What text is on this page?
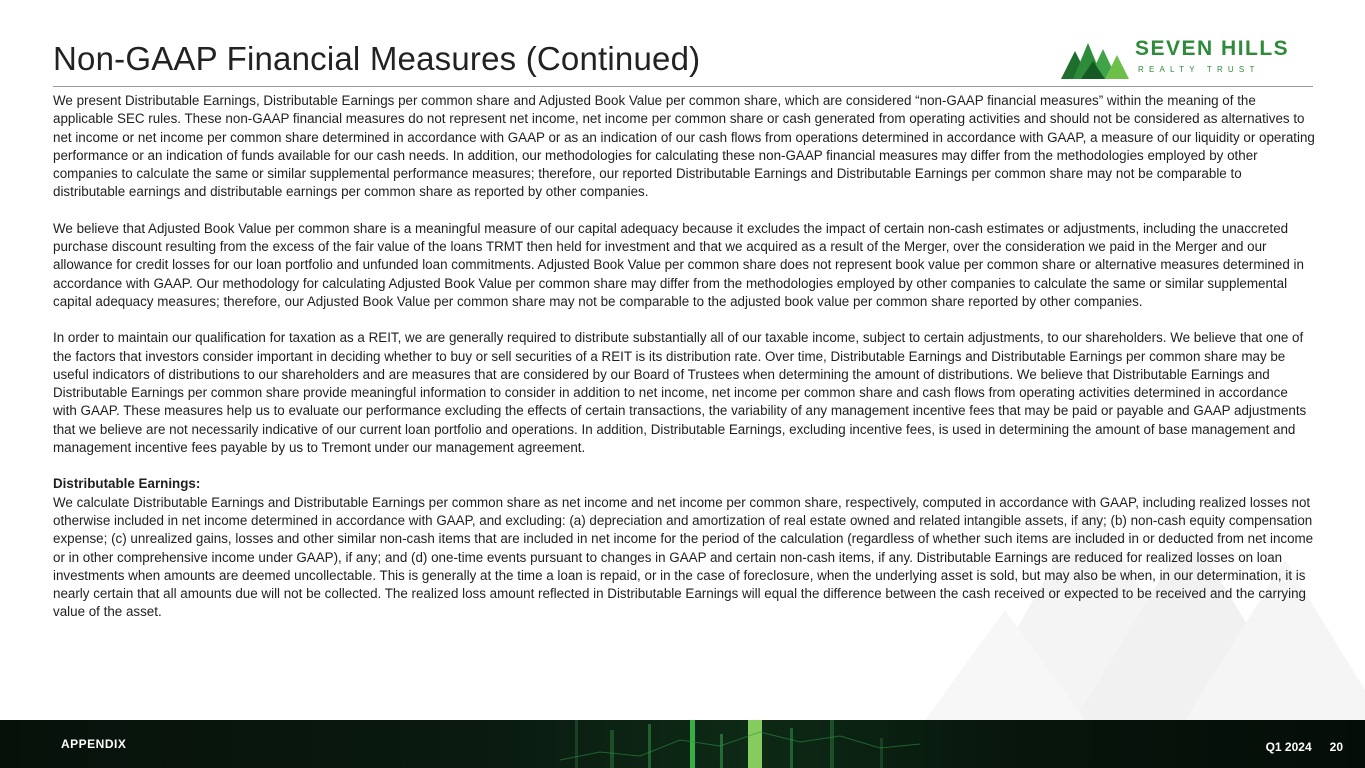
Non-GAAP Financial Measures (Continued)	SEVEN HILLS
REALTY TRUST

We present Distributable Earnings, Distributable Earnings per common share and Adjusted Book Value per common share, which are considered “non-GAAP financial measures” within the meaning of the applicable SEC rules. These non-GAAP financial measures do not represent net income, net income per common share or cash generated from operating activities and should not be considered as alternatives to net income or net income per common share determined in accordance with GAAP or as an indication of our cash flows from operations determined in accordance with GAAP, a measure of our liquidity or operating performance or an indication of funds available for our cash needs. In addition, our methodologies for calculating these non-GAAP financial measures may differ from the methodologies employed by other companies to calculate the same or similar supplemental performance measures; therefore, our reported Distributable Earnings and Distributable Earnings per common share may not be comparable to distributable earnings and distributable earnings per common share as reported by other companies.

We believe that Adjusted Book Value per common share is a meaningful measure of our capital adequacy because it excludes the impact of certain non-cash estimates or adjustments, including the unaccreted purchase discount resulting from the excess of the fair value of the loans TRMT then held for investment and that we acquired as a result of the Merger, over the consideration we paid in the Merger and our allowance for credit losses for our loan portfolio and unfunded loan commitments. Adjusted Book Value per common share does not represent book value per common share or alternative measures determined in accordance with GAAP. Our methodology for calculating Adjusted Book Value per common share may differ from the methodologies employed by other companies to calculate the same or similar supplemental capital adequacy measures; therefore, our Adjusted Book Value per common share may not be comparable to the adjusted book value per common share reported by other companies.

In order to maintain our qualification for taxation as a REIT, we are generally required to distribute substantially all of our taxable income, subject to certain adjustments, to our shareholders. We believe that one of the factors that investors consider important in deciding whether to buy or sell securities of a REIT is its distribution rate. Over time, Distributable Earnings and Distributable Earnings per common share may be useful indicators of distributions to our shareholders and are measures that are considered by our Board of Trustees when determining the amount of distributions. We believe that Distributable Earnings and Distributable Earnings per common share provide meaningful information to consider in addition to net income, net income per common share and cash flows from operating activities determined in accordance with GAAP. These measures help us to evaluate our performance excluding the effects of certain transactions, the variability of any management incentive fees that may be paid or payable and GAAP adjustments that we believe are not necessarily indicative of our current loan portfolio and operations. In addition, Distributable Earnings, excluding incentive fees, is used in determining the amount of base management and management incentive fees payable by us to Tremont under our management agreement.

Distributable Earnings:

We calculate Distributable Earnings and Distributable Earnings per common share as net income and net income per common share, respectively, computed in accordance with GAAP, including realized losses not otherwise included in net income determined in accordance with GAAP, and excluding: (a) depreciation and amortization of real estate owned and related intangible assets, if any; (b) non-cash equity compensation expense; (c) unrealized gains, losses and other similar non-cash items that are included in net income for the period of the calculation (regardless of whether such items are included in or deducted from net income or in other comprehensive income under GAAP), if any; and (d) one-time events pursuant to changes in GAAP and certain non-cash items, if any. Distributable Earnings are reduced for realized losses on loan investments when amounts are deemed uncollectable. This is generally at the time a loan is repaid, or in the case of foreclosure, when the underlying asset is sold, but may also be when, in our determination, it is nearly certain that all amounts due will not be collected. The realized loss amount reflected in Distributable Earnings will equal the difference between the cash received or expected to be received and the carrying value of the asset.

APPENDIX	Q1 2024 20
